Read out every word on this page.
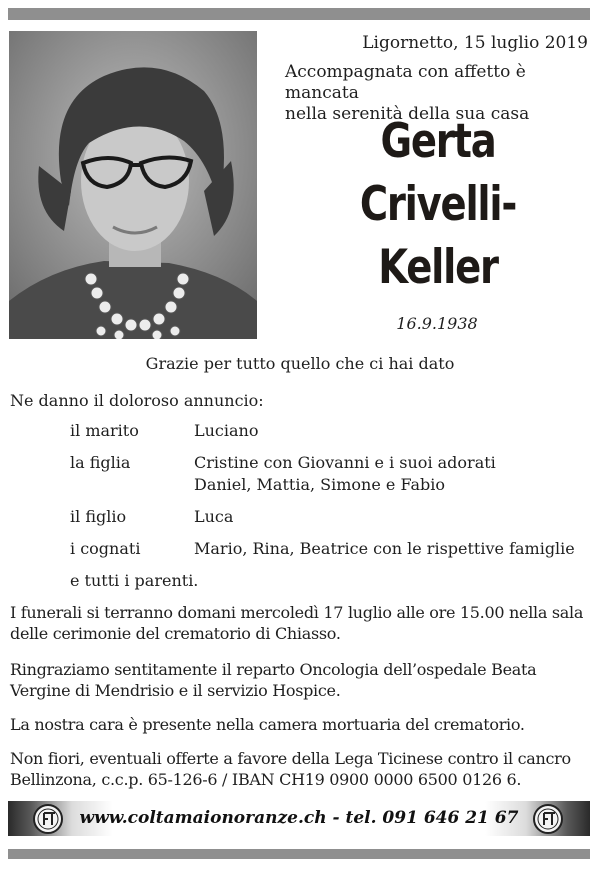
Ligornetto, 15 luglio 2019
Accompagnata con affetto è mancata
nella serenità della sua casa
Gerta
Crivelli-
Keller
16.9.1938
Grazie per tutto quello che ci hai dato
Ne danno il doloroso annuncio:
il marito	Luciano
la figlia	Cristine con Giovanni e i suoi adorati
Daniel, Mattia, Simone e Fabio
il figlio	Luca
i cognati	Mario, Rina, Beatrice con le rispettive famiglie
e tutti i parenti.
I funerali si terranno domani mercoledì 17 luglio alle ore 15.00 nella sala delle cerimonie del crematorio di Chiasso.
Ringraziamo sentitamente il reparto Oncologia dell’ospedale Beata Vergine di Mendrisio e il servizio Hospice.
La nostra cara è presente nella camera mortuaria del crematorio.
Non fiori, eventuali offerte a favore della Lega Ticinese contro il cancro Bellinzona, c.c.p. 65-126-6 / IBAN CH19 0900 0000 6500 0126 6.
www.coltamaionoranze.ch - tel. 091 646 21 67
